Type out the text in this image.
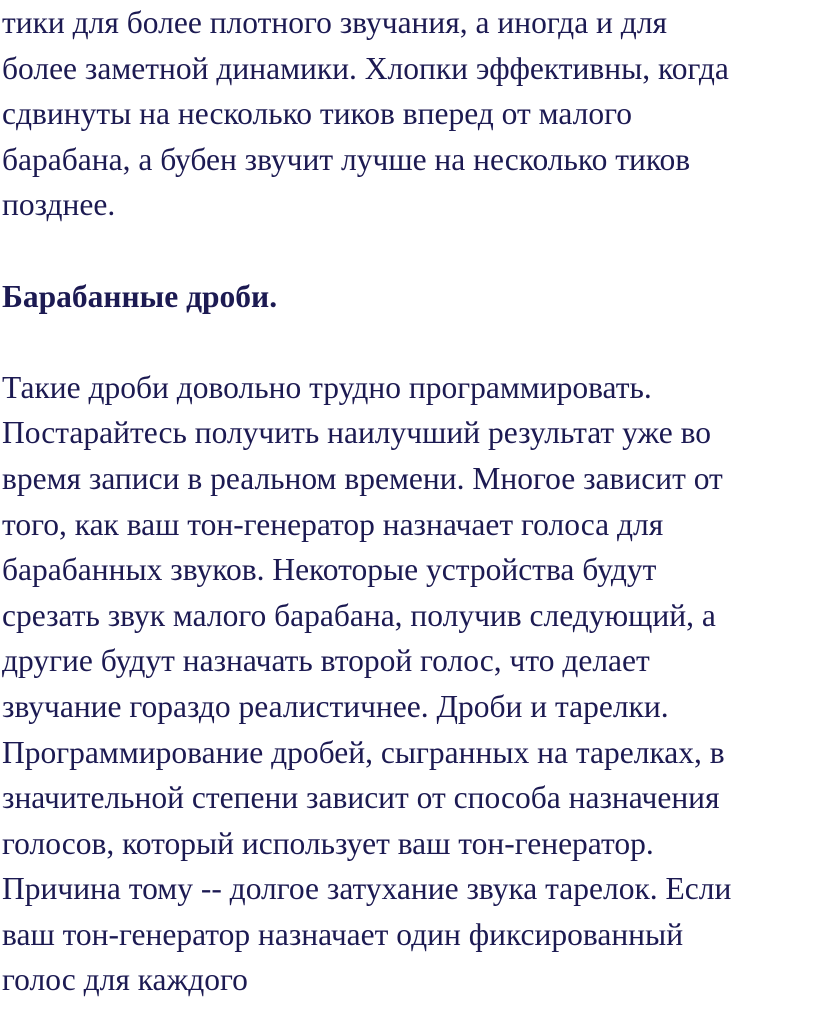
тики для более плотного звучания, а иногда и для
более заметной динамики. Хлопки эффективны, когда
сдвинуты на несколько тиков вперед от малого
барабана, а бубен звучит лучше на несколько тиков
позднее.
Барабанные дроби.
Такие дроби довольно трудно программировать.
Постарайтесь получить наилучший результат уже во
время записи в реальном времени. Многое зависит от
того, как ваш тон-генератор назначает голоса для
барабанных звуков. Некоторые устройства будут
срезать звук малого барабана, получив следующий, а
другие будут назначать второй голос, что делает
звучание гораздо реалистичнее. Дроби и тарелки.
Программирование дробей, сыгранных на тарелках, в
значительной степени зависит от способа назначения
голосов, который использует ваш тон-генератор.
Причина тому -- долгое затухание звука тарелок. Если
ваш тон-генератор назначает один фиксированный
голос для каждого
